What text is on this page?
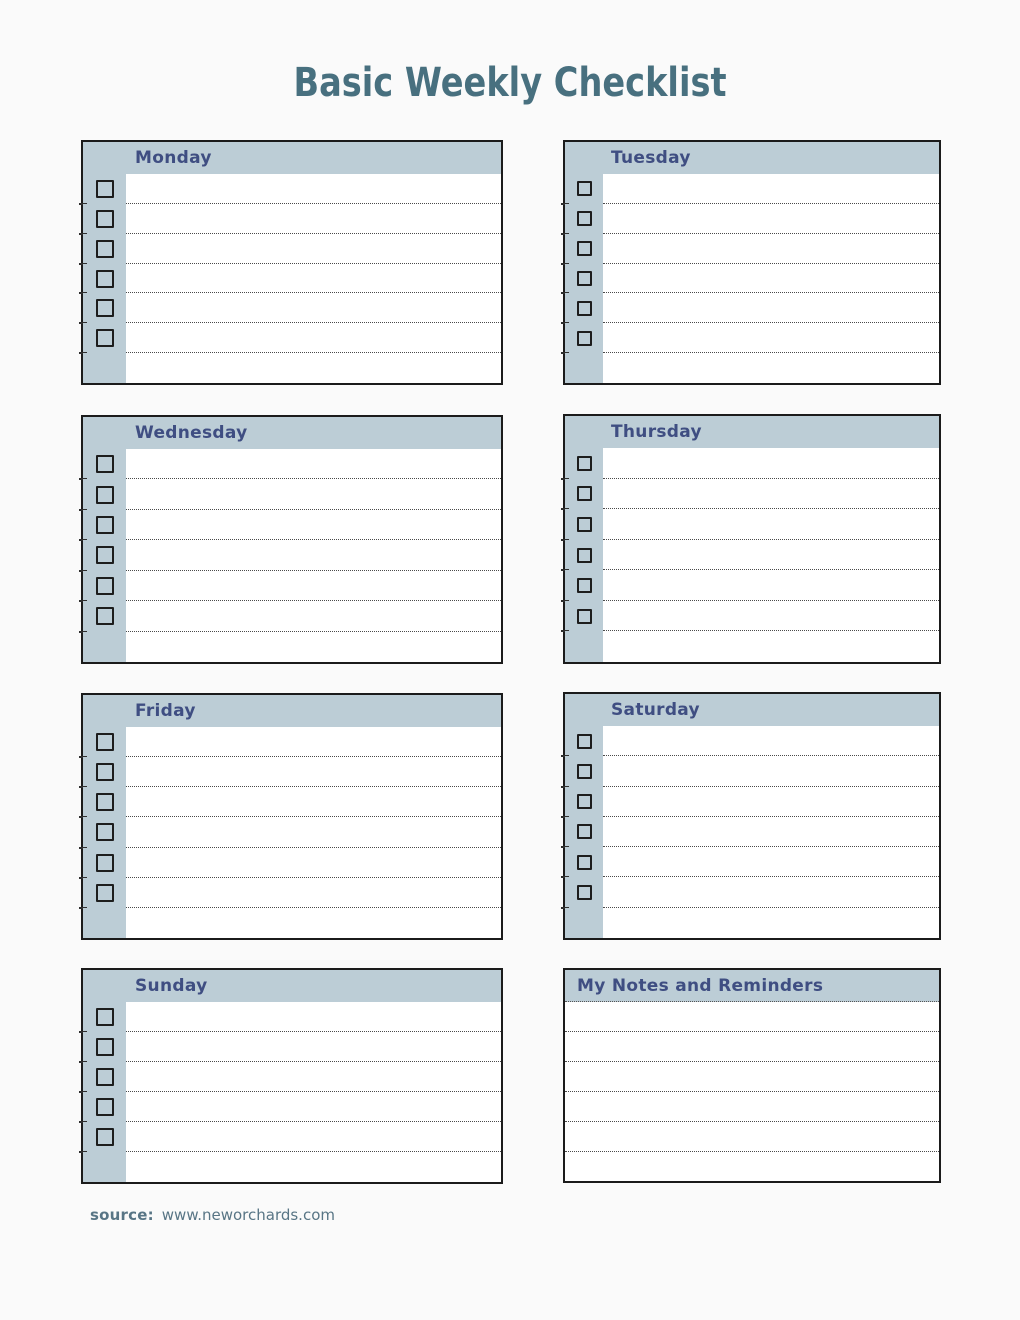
Basic Weekly Checklist
Monday	Tuesday
Wednesday	Thursday
Friday	Saturday
Sunday	My Notes and Reminders

source: www.neworchards.com
